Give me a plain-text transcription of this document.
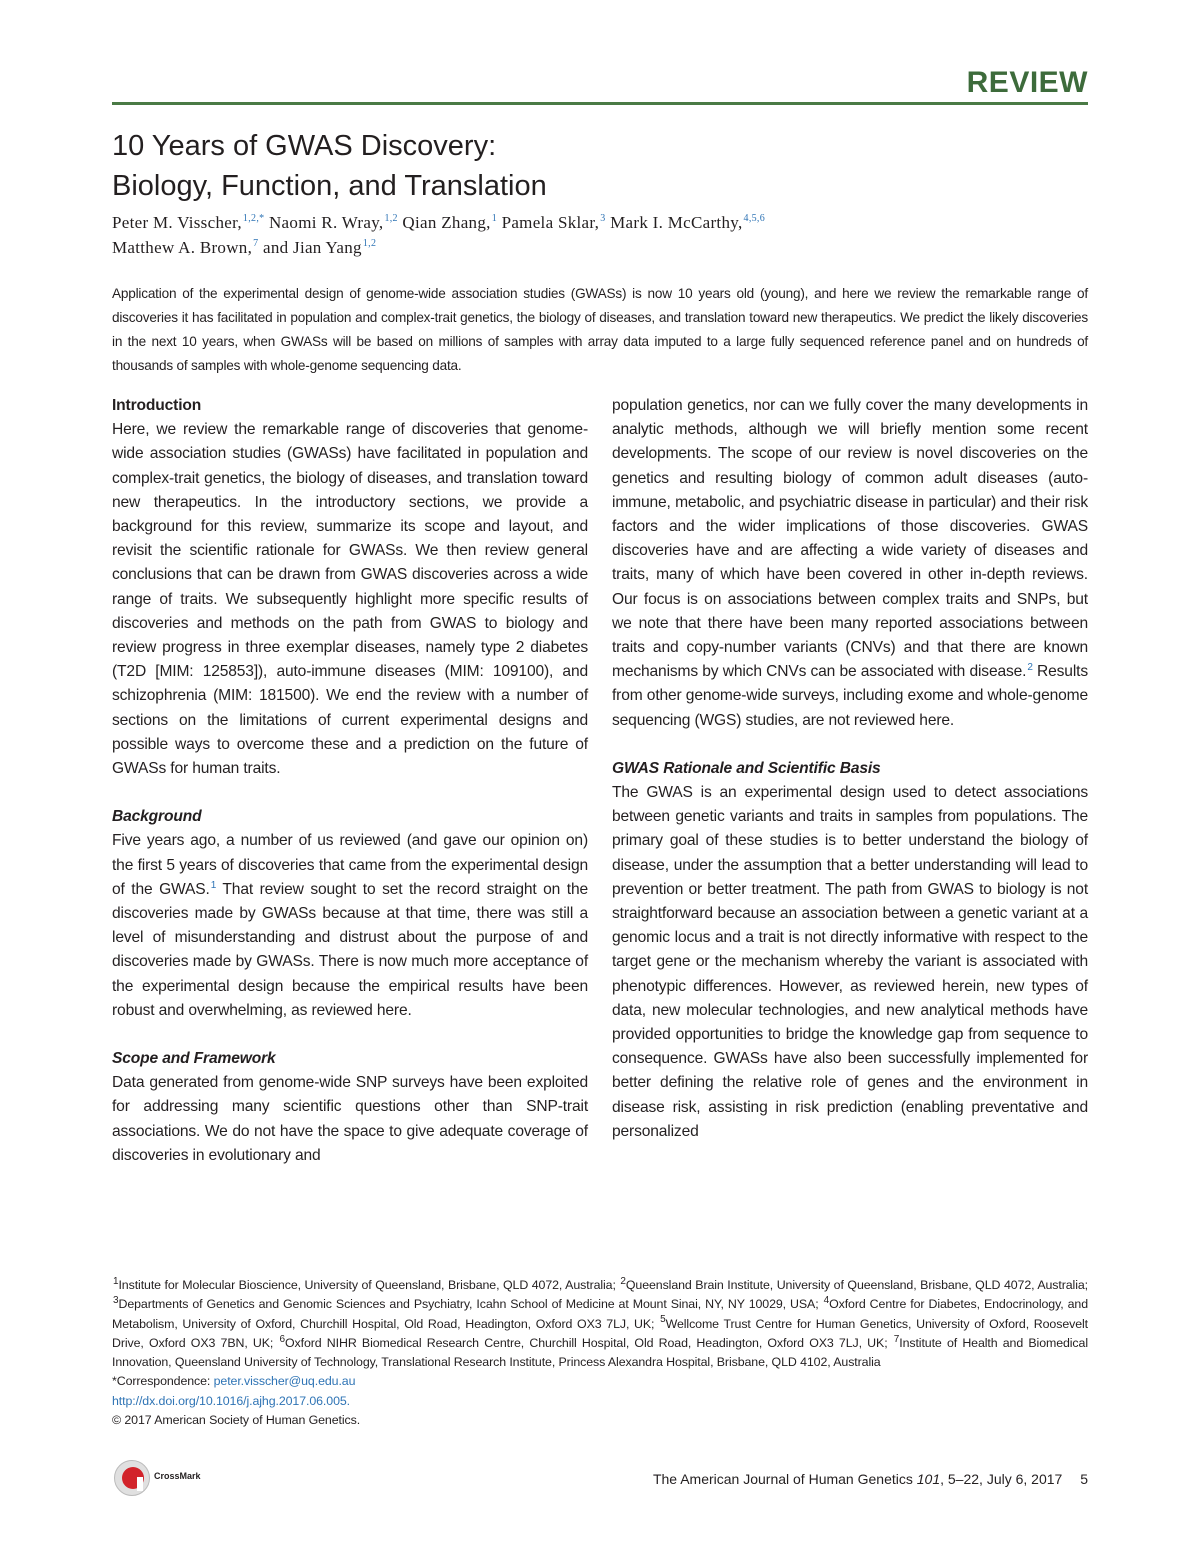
REVIEW
10 Years of GWAS Discovery:
Biology, Function, and Translation
Peter M. Visscher,$^{1,2,*}$ Naomi R. Wray,$^{1,2}$ Qian Zhang,$^1$ Pamela Sklar,$^3$ Mark I. McCarthy,$^{4,5,6}$
Matthew A. Brown,$^7$ and Jian Yang$^{1,2}$

Application of the experimental design of genome-wide association studies (GWASs) is now 10 years old (young), and here we review the remarkable range of discoveries it has facilitated in population and complex-trait genetics, the biology of diseases, and translation toward new therapeutics. We predict the likely discoveries in the next 10 years, when GWASs will be based on millions of samples with array data imputed to a large fully sequenced reference panel and on hundreds of thousands of samples with whole-genome sequencing data.

Introduction

Here, we review the remarkable range of discoveries that genome-wide association studies (GWASs) have facilitated in population and complex-trait genetics, the biology of diseases, and translation toward new therapeutics. In the introductory sections, we provide a background for this review, summarize its scope and layout, and revisit the scientific rationale for GWASs. We then review general conclusions that can be drawn from GWAS discoveries across a wide range of traits. We subsequently highlight more specific results of discoveries and methods on the path from GWAS to biology and review progress in three exemplar diseases, namely type 2 diabetes (T2D [MIM: 125853]), auto-immune diseases (MIM: 109100), and schizophrenia (MIM: 181500). We end the review with a number of sections on the limitations of current experimental designs and possible ways to overcome these and a prediction on the future of GWASs for human traits.

Background

Five years ago, a number of us reviewed (and gave our opinion on) the first 5 years of discoveries that came from the experimental design of the GWAS.$^1$ That review sought to set the record straight on the discoveries made by GWASs because at that time, there was still a level of misunderstanding and distrust about the purpose of and discoveries made by GWASs. There is now much more acceptance of the experimental design because the empirical results have been robust and overwhelming, as reviewed here.

Scope and Framework

Data generated from genome-wide SNP surveys have been exploited for addressing many scientific questions other than SNP-trait associations. We do not have the space to give adequate coverage of discoveries in evolutionary and

population genetics, nor can we fully cover the many developments in analytic methods, although we will briefly mention some recent developments. The scope of our review is novel discoveries on the genetics and resulting biology of common adult diseases (auto-immune, metabolic, and psychiatric disease in particular) and their risk factors and the wider implications of those discoveries. GWAS discoveries have and are affecting a wide variety of diseases and traits, many of which have been covered in other in-depth reviews. Our focus is on associations between complex traits and SNPs, but we note that there have been many reported associations between traits and copy-number variants (CNVs) and that there are known mechanisms by which CNVs can be associated with disease.$^2$ Results from other genome-wide surveys, including exome and whole-genome sequencing (WGS) studies, are not reviewed here.

GWAS Rationale and Scientific Basis

The GWAS is an experimental design used to detect associations between genetic variants and traits in samples from populations. The primary goal of these studies is to better understand the biology of disease, under the assumption that a better understanding will lead to prevention or better treatment. The path from GWAS to biology is not straightforward because an association between a genetic variant at a genomic locus and a trait is not directly informative with respect to the target gene or the mechanism whereby the variant is associated with phenotypic differences. However, as reviewed herein, new types of data, new molecular technologies, and new analytical methods have provided opportunities to bridge the knowledge gap from sequence to consequence. GWASs have also been successfully implemented for better defining the relative role of genes and the environment in disease risk, assisting in risk prediction (enabling preventative and personalized

$^1$Institute for Molecular Bioscience, University of Queensland, Brisbane, QLD 4072, Australia; $^2$Queensland Brain Institute, University of Queensland, Brisbane, QLD 4072, Australia; $^3$Departments of Genetics and Genomic Sciences and Psychiatry, Icahn School of Medicine at Mount Sinai, NY, NY 10029, USA; $^4$Oxford Centre for Diabetes, Endocrinology, and Metabolism, University of Oxford, Churchill Hospital, Old Road, Headington, Oxford OX3 7LJ, UK; $^5$Wellcome Trust Centre for Human Genetics, University of Oxford, Roosevelt Drive, Oxford OX3 7BN, UK; $^6$Oxford NIHR Biomedical Research Centre, Churchill Hospital, Old Road, Headington, Oxford OX3 7LJ, UK; $^7$Institute of Health and Biomedical Innovation, Queensland University of Technology, Translational Research Institute, Princess Alexandra Hospital, Brisbane, QLD 4102, Australia

*Correspondence: peter.visscher@uq.edu.au

http://dx.doi.org/10.1016/j.ajhg.2017.06.005.

© 2017 American Society of Human Genetics.

CrossMark	The American Journal of Human Genetics 101, 5–22, July 6, 2017 5
